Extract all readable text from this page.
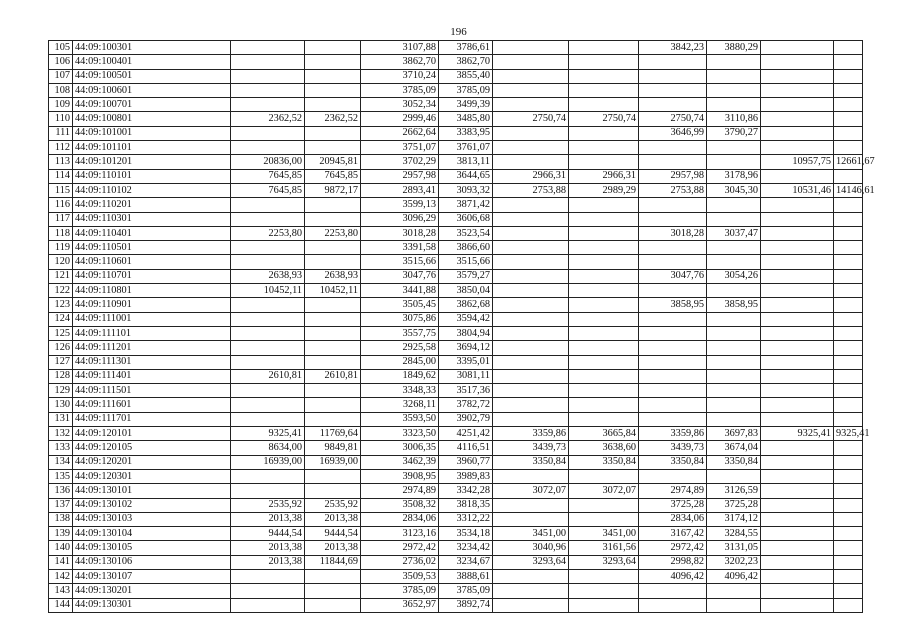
196
105	44:09:100301			3107,88	3786,61			3842,23	3880,29		
106	44:09:100401			3862,70	3862,70						
107	44:09:100501			3710,24	3855,40						
108	44:09:100601			3785,09	3785,09						
109	44:09:100701			3052,34	3499,39						
110	44:09:100801	2362,52	2362,52	2999,46	3485,80	2750,74	2750,74	2750,74	3110,86		
111	44:09:101001			2662,64	3383,95			3646,99	3790,27		
112	44:09:101101			3751,07	3761,07						
113	44:09:101201	20836,00	20945,81	3702,29	3813,11					10957,75	12661,67
114	44:09:110101	7645,85	7645,85	2957,98	3644,65	2966,31	2966,31	2957,98	3178,96		
115	44:09:110102	7645,85	9872,17	2893,41	3093,32	2753,88	2989,29	2753,88	3045,30	10531,46	14146,61
116	44:09:110201			3599,13	3871,42						
117	44:09:110301			3096,29	3606,68						
118	44:09:110401	2253,80	2253,80	3018,28	3523,54			3018,28	3037,47		
119	44:09:110501			3391,58	3866,60						
120	44:09:110601			3515,66	3515,66						
121	44:09:110701	2638,93	2638,93	3047,76	3579,27			3047,76	3054,26		
122	44:09:110801	10452,11	10452,11	3441,88	3850,04						
123	44:09:110901			3505,45	3862,68			3858,95	3858,95		
124	44:09:111001			3075,86	3594,42						
125	44:09:111101			3557,75	3804,94						
126	44:09:111201			2925,58	3694,12						
127	44:09:111301			2845,00	3395,01						
128	44:09:111401	2610,81	2610,81	1849,62	3081,11						
129	44:09:111501			3348,33	3517,36						
130	44:09:111601			3268,11	3782,72						
131	44:09:111701			3593,50	3902,79						
132	44:09:120101	9325,41	11769,64	3323,50	4251,42	3359,86	3665,84	3359,86	3697,83	9325,41	9325,41
133	44:09:120105	8634,00	9849,81	3006,35	4116,51	3439,73	3638,60	3439,73	3674,04		
134	44:09:120201	16939,00	16939,00	3462,39	3960,77	3350,84	3350,84	3350,84	3350,84		
135	44:09:120301			3908,95	3989,83						
136	44:09:130101			2974,89	3342,28	3072,07	3072,07	2974,89	3126,59		
137	44:09:130102	2535,92	2535,92	3508,32	3818,35			3725,28	3725,28		
138	44:09:130103	2013,38	2013,38	2834,06	3312,22			2834,06	3174,12		
139	44:09:130104	9444,54	9444,54	3123,16	3534,18	3451,00	3451,00	3167,42	3284,55		
140	44:09:130105	2013,38	2013,38	2972,42	3234,42	3040,96	3161,56	2972,42	3131,05		
141	44:09:130106	2013,38	11844,69	2736,02	3234,67	3293,64	3293,64	2998,82	3202,23		
142	44:09:130107			3509,53	3888,61			4096,42	4096,42		
143	44:09:130201			3785,09	3785,09						
144	44:09:130301			3652,97	3892,74						
